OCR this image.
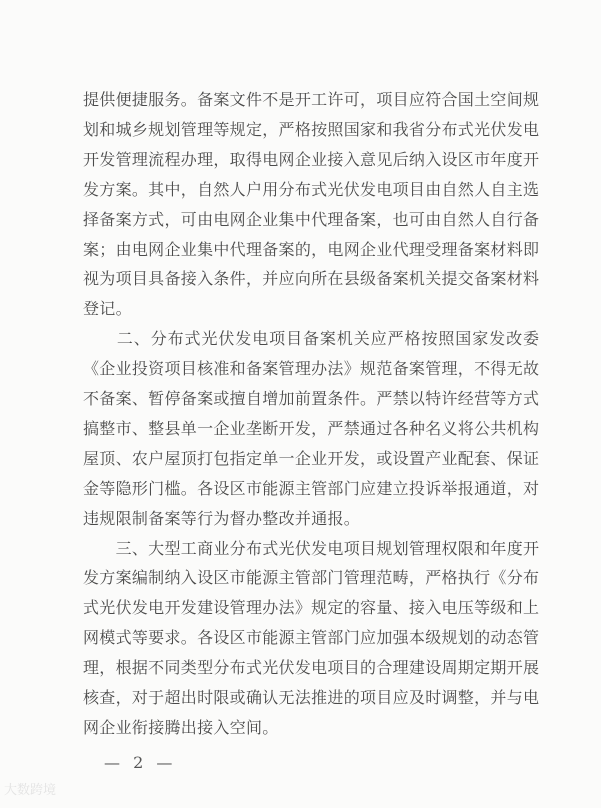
提供便捷服务。备案文件不是开工许可，项目应符合国土空间规
划和城乡规划管理等规定，严格按照国家和我省分布式光伏发电
开发管理流程办理，取得电网企业接入意见后纳入设区市年度开
发方案。其中，自然人户用分布式光伏发电项目由自然人自主选
择备案方式，可由电网企业集中代理备案，也可由自然人自行备
案；由电网企业集中代理备案的，电网企业代理受理备案材料即
视为项目具备接入条件，并应向所在县级备案机关提交备案材料
登记。
　　二、分布式光伏发电项目备案机关应严格按照国家发改委
《企业投资项目核准和备案管理办法》规范备案管理，不得无故
不备案、暂停备案或擅自增加前置条件。严禁以特许经营等方式
搞整市、整县单一企业垄断开发，严禁通过各种名义将公共机构
屋顶、农户屋顶打包指定单一企业开发，或设置产业配套、保证
金等隐形门槛。各设区市能源主管部门应建立投诉举报通道，对
违规限制备案等行为督办整改并通报。
　　三、大型工商业分布式光伏发电项目规划管理权限和年度开
发方案编制纳入设区市能源主管部门管理范畴，严格执行《分布
式光伏发电开发建设管理办法》规定的容量、接入电压等级和上
网模式等要求。各设区市能源主管部门应加强本级规划的动态管
理，根据不同类型分布式光伏发电项目的合理建设周期定期开展
核查，对于超出时限或确认无法推进的项目应及时调整，并与电
网企业衔接腾出接入空间。
— 2 —
大数跨境
